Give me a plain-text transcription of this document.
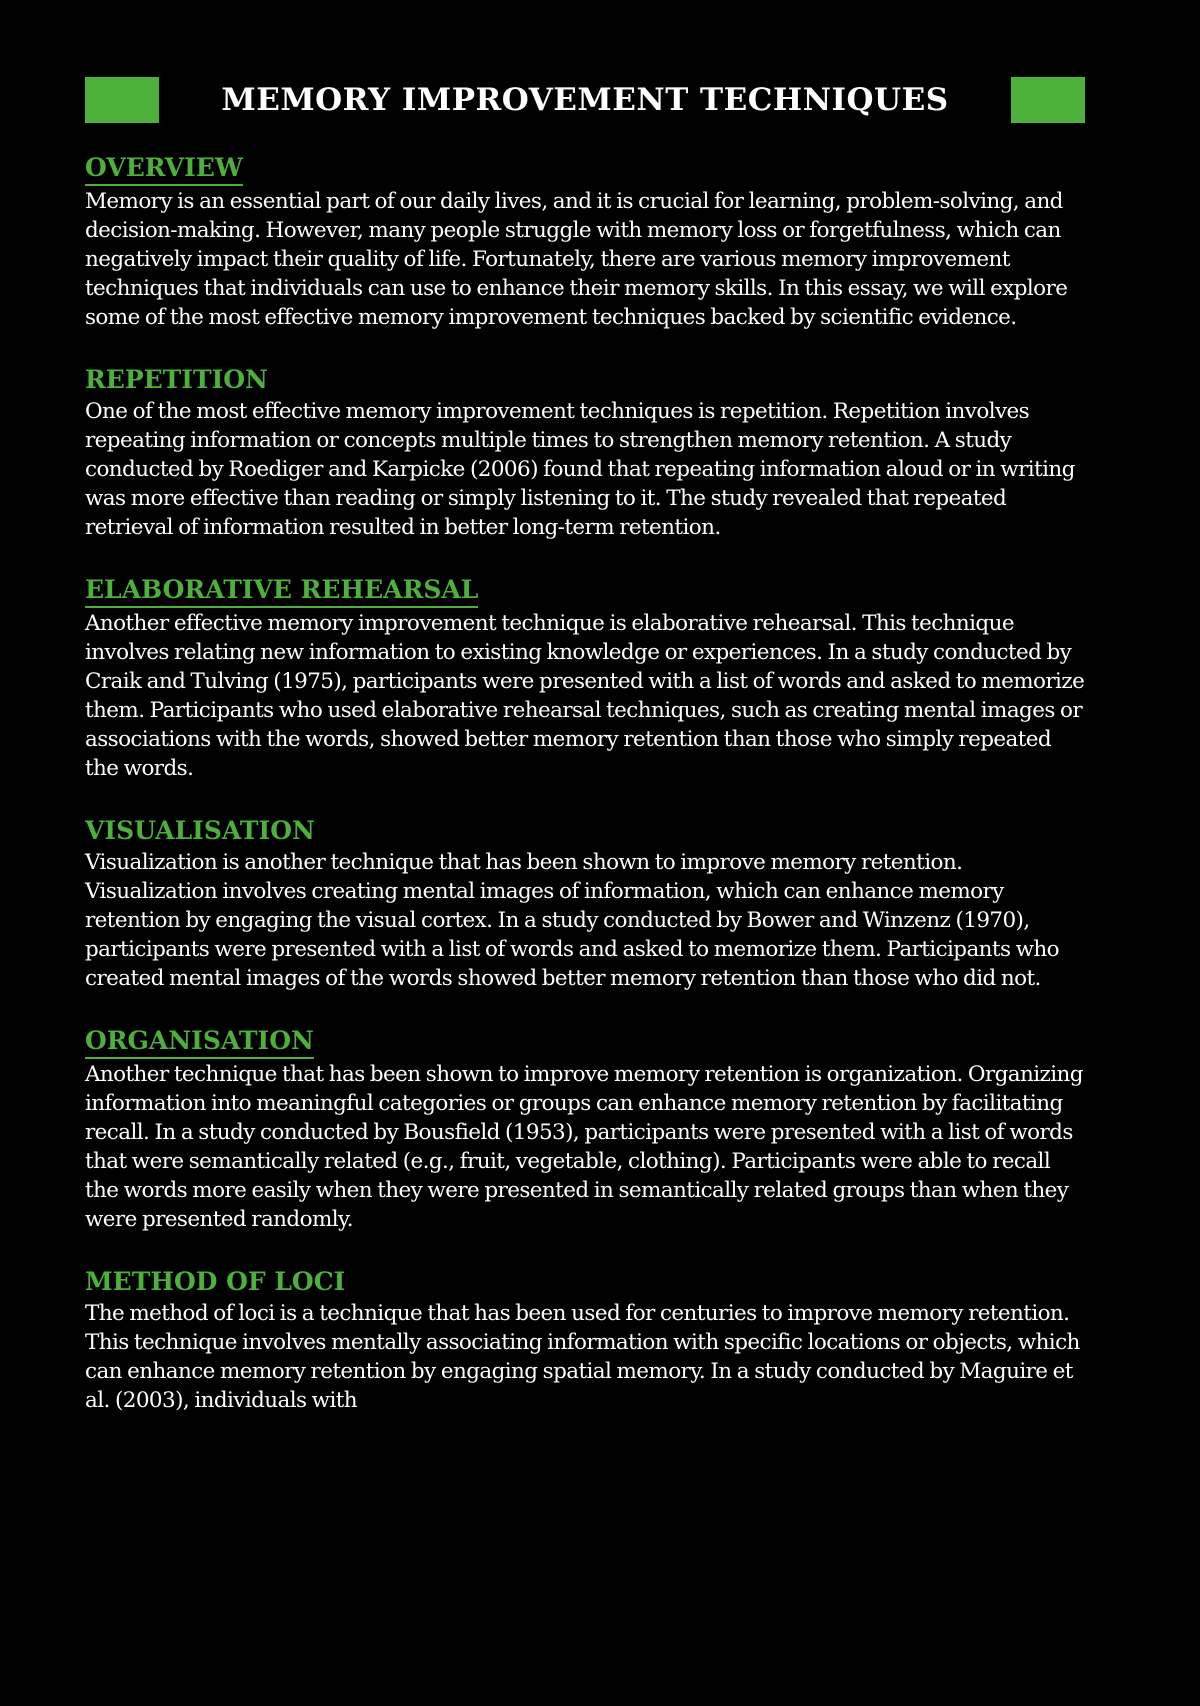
MEMORY IMPROVEMENT TECHNIQUES
OVERVIEW

Memory is an essential part of our daily lives, and it is crucial for learning, problem-solving, and decision-making. However, many people struggle with memory loss or forgetfulness, which can negatively impact their quality of life. Fortunately, there are various memory improvement techniques that individuals can use to enhance their memory skills. In this essay, we will explore some of the most effective memory improvement techniques backed by scientific evidence.

REPETITION

One of the most effective memory improvement techniques is repetition. Repetition involves repeating information or concepts multiple times to strengthen memory retention. A study conducted by Roediger and Karpicke (2006) found that repeating information aloud or in writing was more effective than reading or simply listening to it. The study revealed that repeated retrieval of information resulted in better long-term retention.

ELABORATIVE REHEARSAL

Another effective memory improvement technique is elaborative rehearsal. This technique involves relating new information to existing knowledge or experiences. In a study conducted by Craik and Tulving (1975), participants were presented with a list of words and asked to memorize them. Participants who used elaborative rehearsal techniques, such as creating mental images or associations with the words, showed better memory retention than those who simply repeated the words.

VISUALISATION

Visualization is another technique that has been shown to improve memory retention. Visualization involves creating mental images of information, which can enhance memory retention by engaging the visual cortex. In a study conducted by Bower and Winzenz (1970), participants were presented with a list of words and asked to memorize them. Participants who created mental images of the words showed better memory retention than those who did not.

ORGANISATION

Another technique that has been shown to improve memory retention is organization. Organizing information into meaningful categories or groups can enhance memory retention by facilitating recall. In a study conducted by Bousfield (1953), participants were presented with a list of words that were semantically related (e.g., fruit, vegetable, clothing). Participants were able to recall the words more easily when they were presented in semantically related groups than when they were presented randomly.

METHOD OF LOCI

The method of loci is a technique that has been used for centuries to improve memory retention. This technique involves mentally associating information with specific locations or objects, which can enhance memory retention by engaging spatial memory. In a study conducted by Maguire et al. (2003), individuals with
